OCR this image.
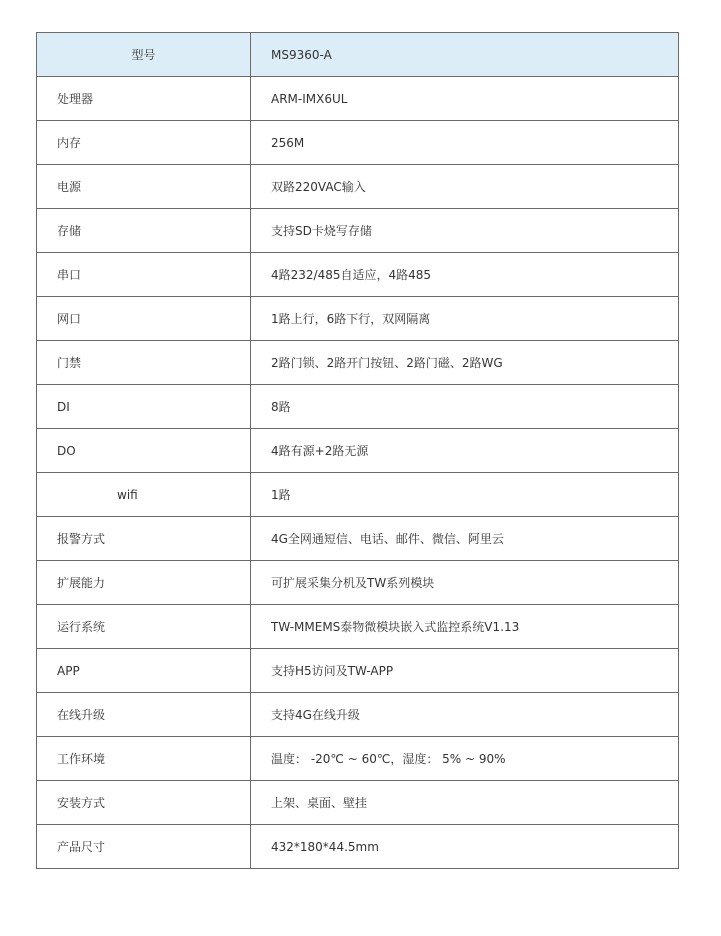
型号	MS9360-A
处理器	ARM-IMX6UL
内存	256M
电源	双路220VAC输入
存储	支持SD卡烧写存储
串口	4路232/485自适应，4路485
网口	1路上行，6路下行，双网隔离
门禁	2路门锁、2路开门按钮、2路门磁、2路WG
DI	8路
DO	4路有源+2路无源
wifi	1路
报警方式	4G全网通短信、电话、邮件、微信、阿里云
扩展能力	可扩展采集分机及TW系列模块
运行系统	TW-MMEMS泰物微模块嵌入式监控系统V1.13
APP	支持H5访问及TW-APP
在线升级	支持4G在线升级
工作环境	温度： -20℃ ~ 60℃，湿度： 5% ~ 90%
安装方式	上架、桌面、壁挂
产品尺寸	432*180*44.5mm
